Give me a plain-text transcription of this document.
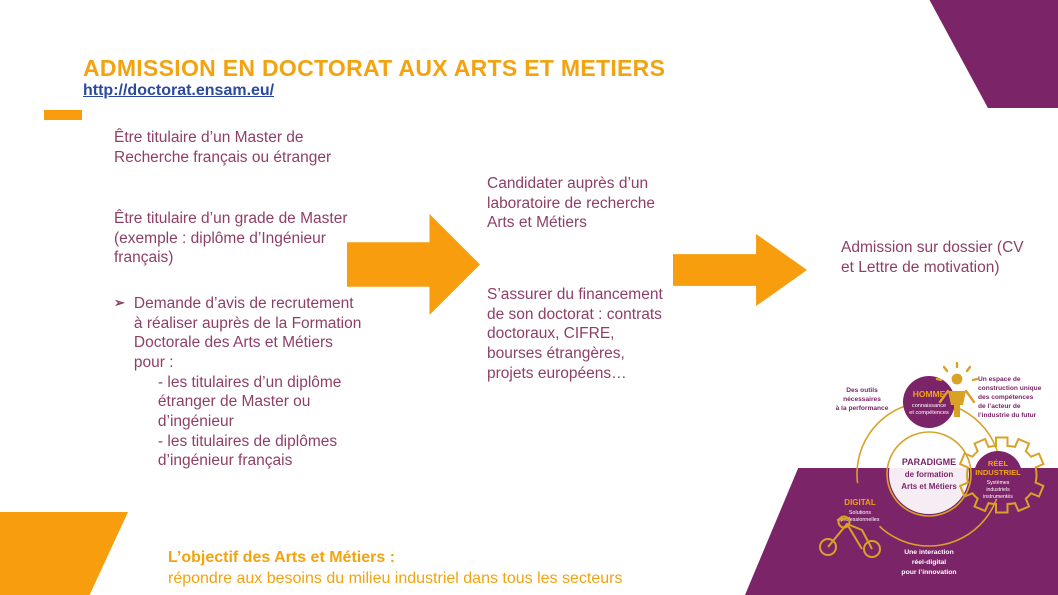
ADMISSION EN DOCTORAT AUX ARTS ET METIERS
http://doctorat.ensam.eu/
Être titulaire d’un Master de Recherche français ou étranger
Être titulaire d’un grade de Master (exemple : diplôme d’Ingénieur français)
➢ Demande d’avis de recrutement à réaliser auprès de la Formation Doctorale des Arts et Métiers pour :
- les titulaires d’un diplôme étranger de Master ou d’ingénieur
- les titulaires de diplômes d’ingénieur français
Candidater auprès d’un laboratoire de recherche Arts et Métiers
S’assurer du financement de son doctorat : contrats doctoraux, CIFRE, bourses étrangères, projets européens…
Admission sur dossier (CV et Lettre de motivation)
L’objectif des Arts et Métiers :
répondre aux besoins du milieu industriel dans tous les secteurs
HOMME
connaissance
et compétences
DIGITAL
Solutions
professionnelles
RÉEL
INDUSTRIEL
Systèmes
industriels
instrumentés
PARADIGME
de formation
Arts et Métiers
Des outils
nécessaires
à la performance
Un espace de
construction unique
des compétences
de l’acteur de
l’industrie du futur
Une interaction
réel-digital
pour l’innovation
